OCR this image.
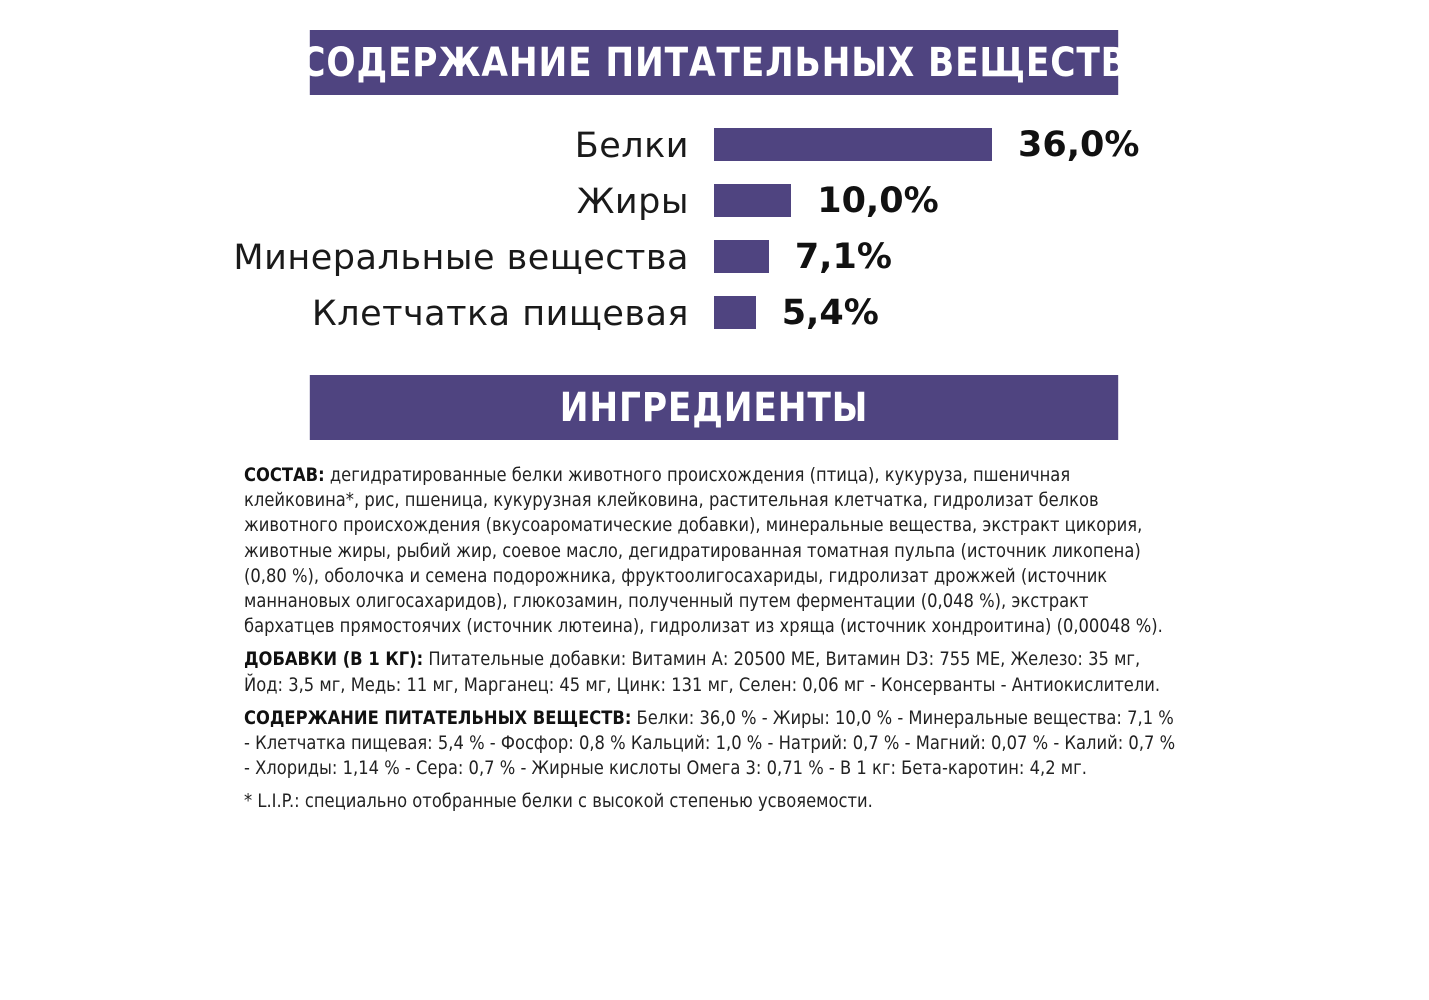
СОДЕРЖАНИЕ ПИТАТЕЛЬНЫХ ВЕЩЕСТВ
Белки	36,0%
Жиры	10,0%
Минеральные вещества	7,1%
Клетчатка пищевая	5,4%
ИНГРЕДИЕНТЫ

СОСТАВ: дегидратированные белки животного происхождения (птица), кукуруза, пшеничная клейковина*, рис, пшеница, кукурузная клейковина, растительная клетчатка, гидролизат белков животного происхождения (вкусоароматические добавки), минеральные вещества, экстракт цикория, животные жиры, рыбий жир, соевое масло, дегидратированная томатная пульпа (источник ликопена) (0,80 %), оболочка и семена подорожника, фруктоолигосахариды, гидролизат дрожжей (источник маннановых олигосахаридов), глюкозамин, полученный путем ферментации (0,048 %), экстракт бархатцев прямостоячих (источник лютеина), гидролизат из хряща (источник хондроитина) (0,00048 %).

ДОБАВКИ (В 1 КГ): Питательные добавки: Витамин А: 20500 МЕ, Витамин D3: 755 МЕ, Железо: 35 мг, Йод: 3,5 мг, Медь: 11 мг, Марганец: 45 мг, Цинк: 131 мг, Селен: 0,06 мг - Консерванты - Антиокислители.

СОДЕРЖАНИЕ ПИТАТЕЛЬНЫХ ВЕЩЕСТВ: Белки: 36,0 % - Жиры: 10,0 % - Минеральные вещества: 7,1 % - Клетчатка пищевая: 5,4 % - Фосфор: 0,8 % Кальций: 1,0 % - Натрий: 0,7 % - Магний: 0,07 % - Калий: 0,7 % - Хлориды: 1,14 % - Сера: 0,7 % - Жирные кислоты Омега 3: 0,71 % - В 1 кг: Бета-каротин: 4,2 мг.

* L.I.P.: специально отобранные белки с высокой степенью усвояемости.
